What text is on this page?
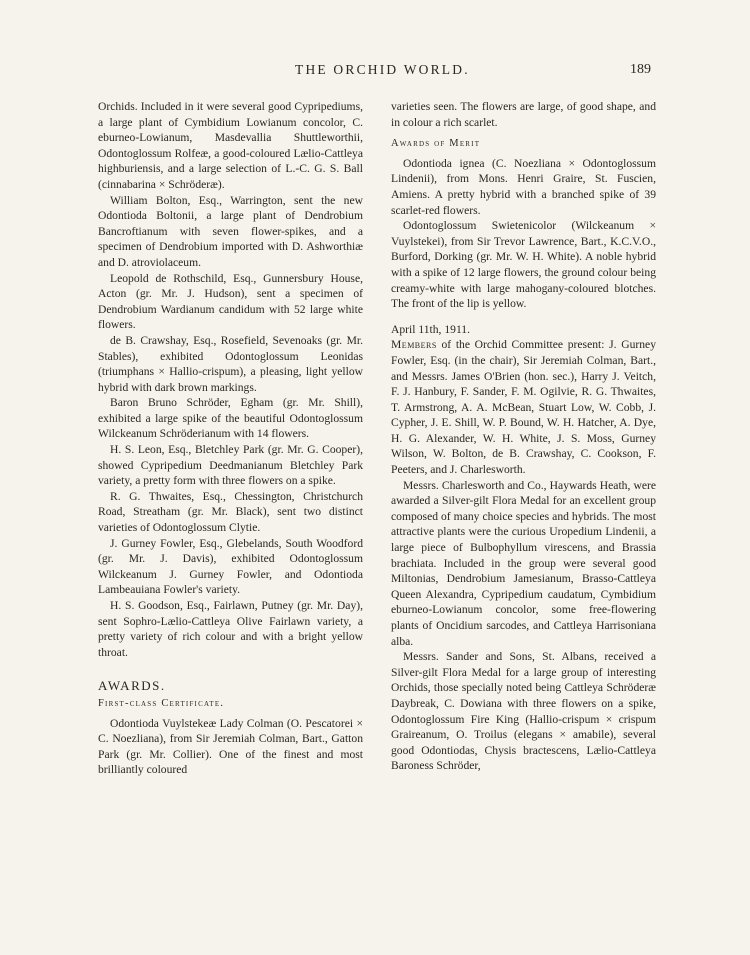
THE ORCHID WORLD.	189

Orchids. Included in it were several good Cypripediums, a large plant of Cymbidium Lowianum concolor, C. eburneo-Lowianum, Masdevallia Shuttleworthii, Odontoglossum Rolfeæ, a good-coloured Lælio-Cattleya highburiensis, and a large selection of L.-C. G. S. Ball (cinnabarina × Schröderæ).

William Bolton, Esq., Warrington, sent the new Odontioda Boltonii, a large plant of Dendrobium Bancroftianum with seven flower-spikes, and a specimen of Dendrobium imported with D. Ashworthiæ and D. atroviolaceum.

Leopold de Rothschild, Esq., Gunnersbury House, Acton (gr. Mr. J. Hudson), sent a specimen of Dendrobium Wardianum candidum with 52 large white flowers.

de B. Crawshay, Esq., Rosefield, Sevenoaks (gr. Mr. Stables), exhibited Odontoglossum Leonidas (triumphans × Hallio-crispum), a pleasing, light yellow hybrid with dark brown markings.

Baron Bruno Schröder, Egham (gr. Mr. Shill), exhibited a large spike of the beautiful Odontoglossum Wilckeanum Schröderianum with 14 flowers.

H. S. Leon, Esq., Bletchley Park (gr. Mr. G. Cooper), showed Cypripedium Deedmanianum Bletchley Park variety, a pretty form with three flowers on a spike.

R. G. Thwaites, Esq., Chessington, Christchurch Road, Streatham (gr. Mr. Black), sent two distinct varieties of Odontoglossum Clytie.

J. Gurney Fowler, Esq., Glebelands, South Woodford (gr. Mr. J. Davis), exhibited Odontoglossum Wilckeanum J. Gurney Fowler, and Odontioda Lambeauiana Fowler's variety.

H. S. Goodson, Esq., Fairlawn, Putney (gr. Mr. Day), sent Sophro-Lælio-Cattleya Olive Fairlawn variety, a pretty variety of rich colour and with a bright yellow throat.

AWARDS.

First-class Certificate.

Odontioda Vuylstekeæ Lady Colman (O. Pescatorei × C. Noezliana), from Sir Jeremiah Colman, Bart., Gatton Park (gr. Mr. Collier). One of the finest and most brilliantly coloured

varieties seen. The flowers are large, of good shape, and in colour a rich scarlet.

Awards of Merit

Odontioda ignea (C. Noezliana × Odontoglossum Lindenii), from Mons. Henri Graire, St. Fuscien, Amiens. A pretty hybrid with a branched spike of 39 scarlet-red flowers.

Odontoglossum Swietenicolor (Wilckeanum × Vuylstekei), from Sir Trevor Lawrence, Bart., K.C.V.O., Burford, Dorking (gr. Mr. W. H. White). A noble hybrid with a spike of 12 large flowers, the ground colour being creamy-white with large mahogany-coloured blotches. The front of the lip is yellow.

April 11th, 1911.

Members of the Orchid Committee present: J. Gurney Fowler, Esq. (in the chair), Sir Jeremiah Colman, Bart., and Messrs. James O'Brien (hon. sec.), Harry J. Veitch, F. J. Hanbury, F. Sander, F. M. Ogilvie, R. G. Thwaites, T. Armstrong, A. A. McBean, Stuart Low, W. Cobb, J. Cypher, J. E. Shill, W. P. Bound, W. H. Hatcher, A. Dye, H. G. Alexander, W. H. White, J. S. Moss, Gurney Wilson, W. Bolton, de B. Crawshay, C. Cookson, F. Peeters, and J. Charlesworth.

Messrs. Charlesworth and Co., Haywards Heath, were awarded a Silver-gilt Flora Medal for an excellent group composed of many choice species and hybrids. The most attractive plants were the curious Uropedium Lindenii, a large piece of Bulbophyllum virescens, and Brassia brachiata. Included in the group were several good Miltonias, Dendrobium Jamesianum, Brasso-Cattleya Queen Alexandra, Cypripedium caudatum, Cymbidium eburneo-Lowianum concolor, some free-flowering plants of Oncidium sarcodes, and Cattleya Harrisoniana alba.

Messrs. Sander and Sons, St. Albans, received a Silver-gilt Flora Medal for a large group of interesting Orchids, those specially noted being Cattleya Schröderæ Daybreak, C. Dowiana with three flowers on a spike, Odontoglossum Fire King (Hallio-crispum × crispum Graireanum, O. Troilus (elegans × amabile), several good Odontiodas, Chysis bractescens, Lælio-Cattleya Baroness Schröder,
